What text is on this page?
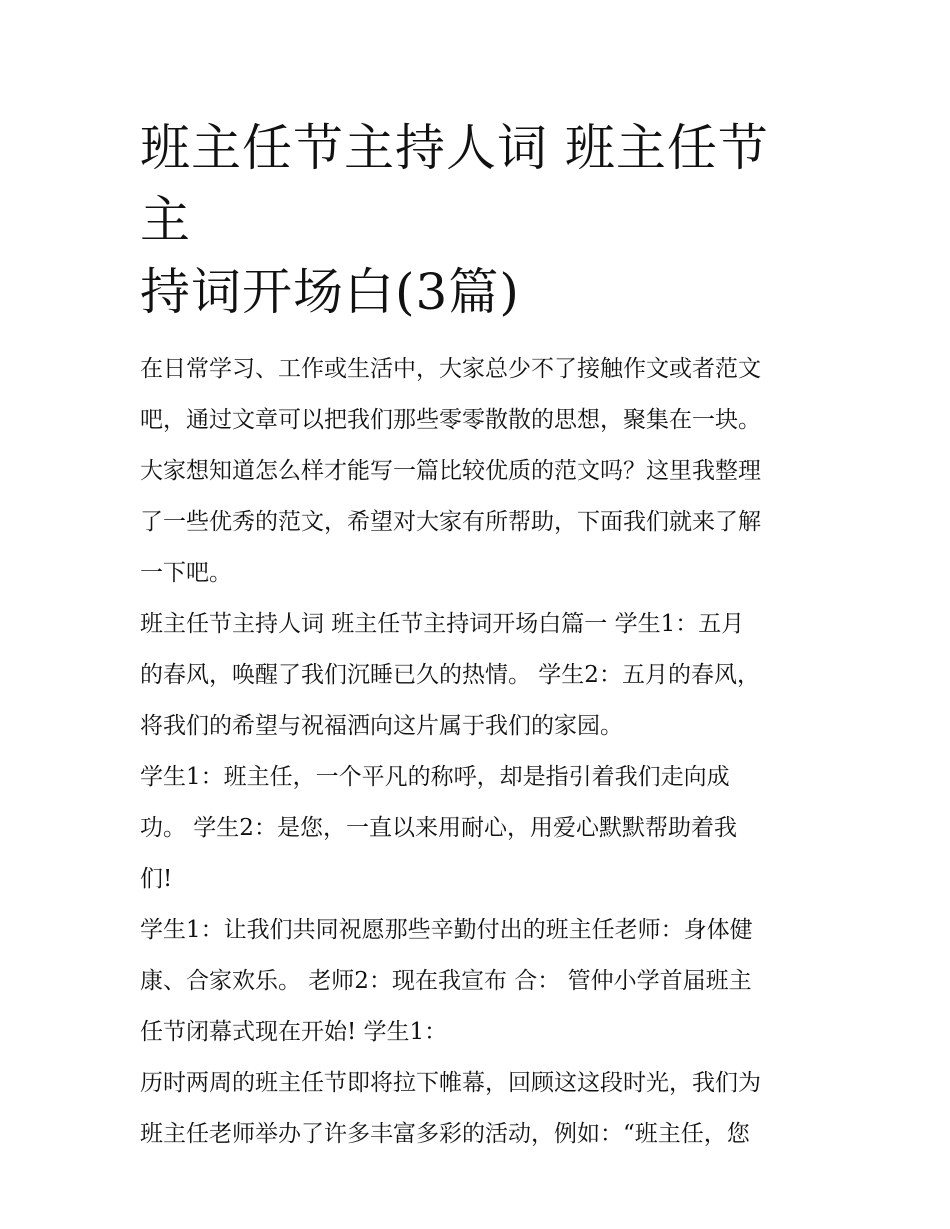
班主任节主持人词 班主任节主
持词开场白(3篇)

在日常学习、工作或生活中，大家总少不了接触作文或者范文
吧，通过文章可以把我们那些零零散散的思想，聚集在一块。
大家想知道怎么样才能写一篇比较优质的范文吗？这里我整理
了一些优秀的范文，希望对大家有所帮助，下面我们就来了解
一下吧。

班主任节主持人词 班主任节主持词开场白篇一 学生1：五月
的春风，唤醒了我们沉睡已久的热情。 学生2：五月的春风，
将我们的希望与祝福洒向这片属于我们的家园。

学生1：班主任，一个平凡的称呼，却是指引着我们走向成
功。 学生2：是您，一直以来用耐心，用爱心默默帮助着我
们!

学生1：让我们共同祝愿那些辛勤付出的班主任老师：身体健
康、合家欢乐。 老师2：现在我宣布 合： 管仲小学首届班主
任节闭幕式现在开始! 学生1：

历时两周的班主任节即将拉下帷幕，回顾这这段时光，我们为
班主任老师举办了许多丰富多彩的活动，例如：“班主任，您
